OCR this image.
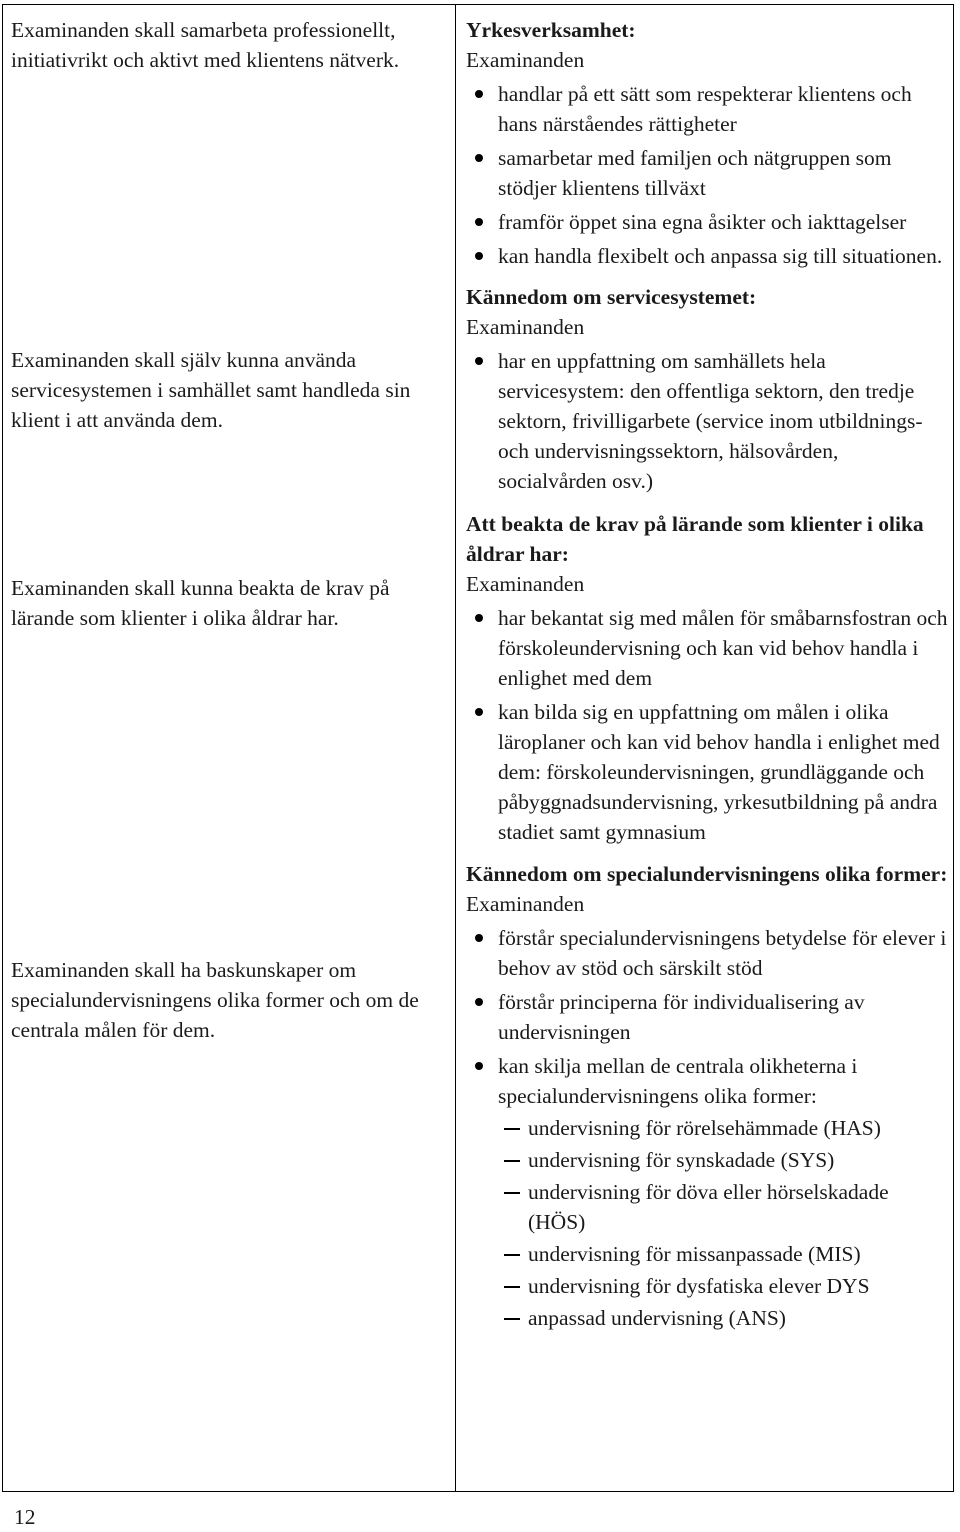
Examinanden skall samarbeta professionellt, initiativrikt och aktivt med klientens nätverk.

Examinanden skall själv kunna använda servicesystemen i samhället samt handleda sin klient i att använda dem.

Examinanden skall kunna beakta de krav på lärande som klienter i olika åldrar har.

Examinanden skall ha baskunskaper om specialundervisningens olika former och om de centrala målen för dem.

Yrkesverksamhet:

Examinanden

handlar på ett sätt som respekterar klientens och hans närståendes rättigheter
samarbetar med familjen och nätgruppen som stödjer klientens tillväxt
framför öppet sina egna åsikter och iakttagelser
kan handla flexibelt och anpassa sig till situationen.

Kännedom om servicesystemet:

Examinanden

har en uppfattning om samhällets hela servicesystem: den offentliga sektorn, den tredje sektorn, frivilligarbete (service inom utbildnings- och undervisningssektorn, hälsovården, socialvården osv.)

Att beakta de krav på lärande som klienter i olika åldrar har:

Examinanden

har bekantat sig med målen för småbarnsfostran och förskoleundervisning och kan vid behov handla i enlighet med dem
kan bilda sig en uppfattning om målen i olika läroplaner och kan vid behov handla i enlighet med dem: förskoleundervisningen, grundläggande och påbyggnadsundervisning, yrkesutbildning på andra stadiet samt gymnasium

Kännedom om specialundervisningens olika former:

Examinanden

förstår specialundervisningens betydelse för elever i behov av stöd och särskilt stöd
förstår principerna för individualisering av undervisningen
kan skilja mellan de centrala olikheterna i specialundervisningens olika former:
undervisning för rörelsehämmade (HAS)
undervisning för synskadade (SYS)
undervisning för döva eller hörselskadade (HÖS)
undervisning för missanpassade (MIS)
undervisning för dysfatiska elever DYS
anpassad undervisning (ANS)
12
